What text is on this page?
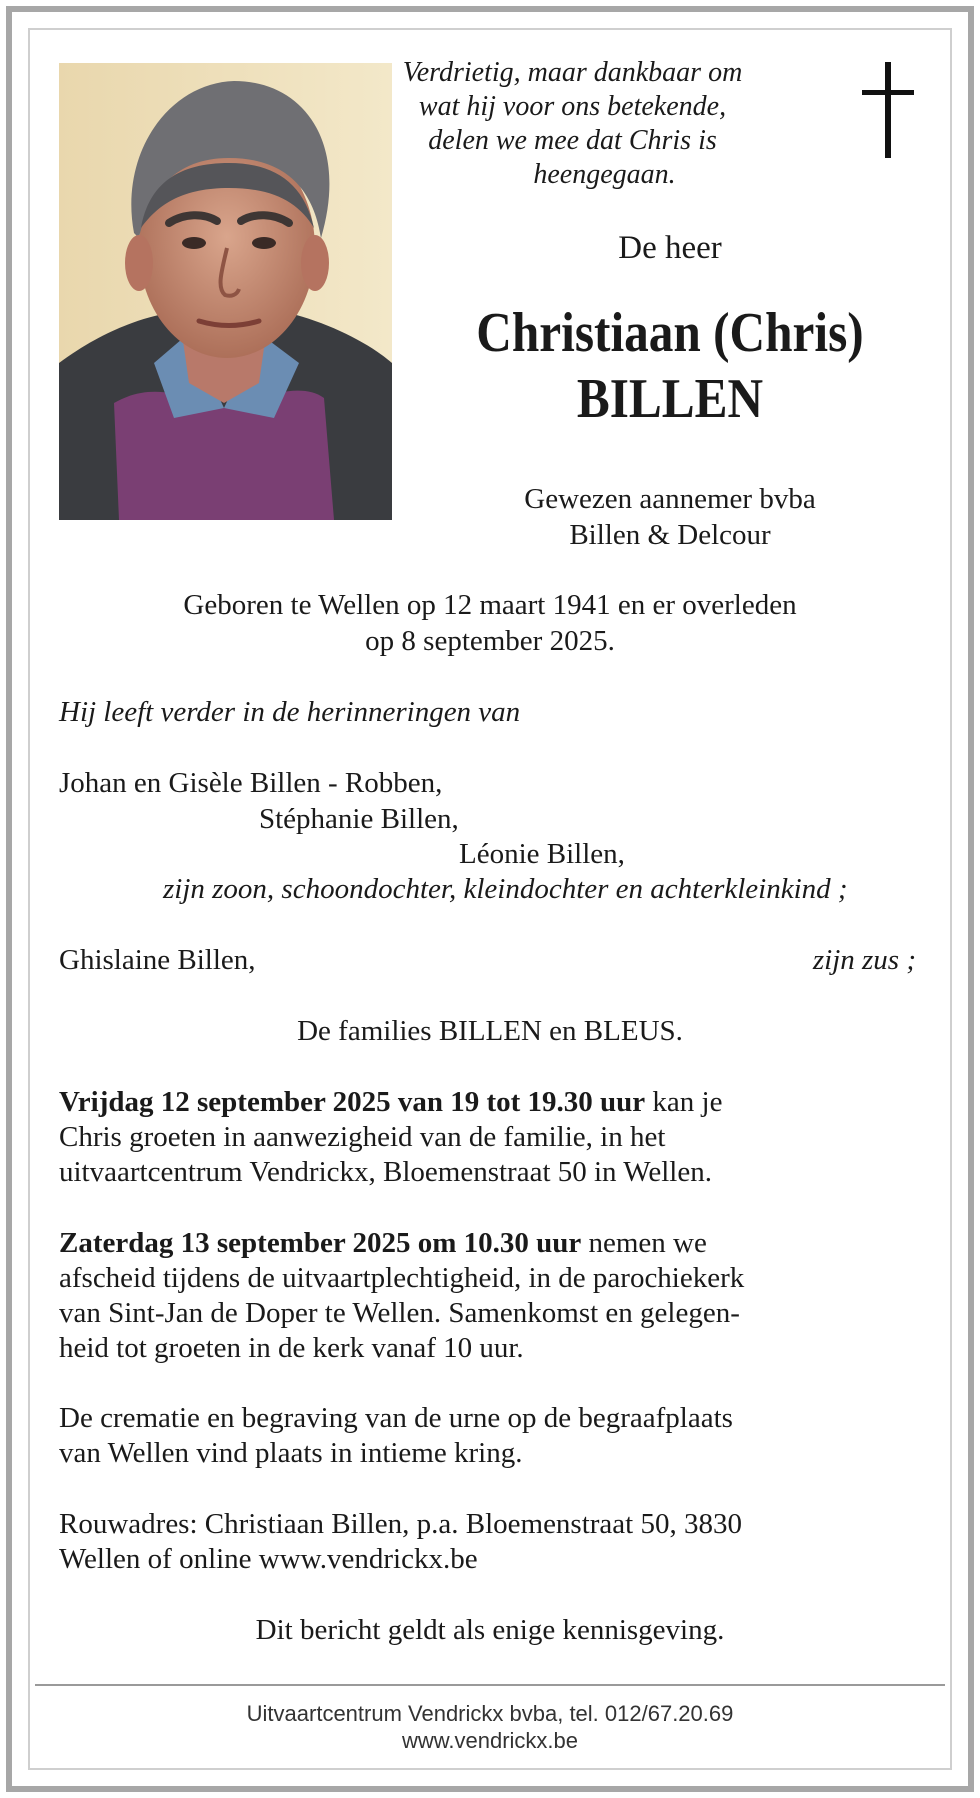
Verdrietig, maar dankbaar om
wat hij voor ons betekende,
delen we mee dat Chris is
heengegaan.
De heer
Christiaan (Chris)
BILLEN
Gewezen aannemer bvba
Billen & Delcour
Geboren te Wellen op 12 maart 1941 en er overleden
op 8 september 2025.
Hij leeft verder in de herinneringen van
Johan en Gisèle Billen - Robben,
Stéphanie Billen,
Léonie Billen,
zijn zoon, schoondochter, kleindochter en achterkleinkind ;
Ghislaine Billen,	zijn zus ;
De families BILLEN en BLEUS.
Vrijdag 12 september 2025 van 19 tot 19.30 uur kan je
Chris groeten in aanwezigheid van de familie, in het
uitvaartcentrum Vendrickx, Bloemenstraat 50 in Wellen.
Zaterdag 13 september 2025 om 10.30 uur nemen we
afscheid tijdens de uitvaartplechtigheid, in de parochiekerk
van Sint-Jan de Doper te Wellen. Samenkomst en gelegen-
heid tot groeten in de kerk vanaf 10 uur.
De crematie en begraving van de urne op de begraafplaats
van Wellen vind plaats in intieme kring.
Rouwadres: Christiaan Billen, p.a. Bloemenstraat 50, 3830
Wellen of online www.vendrickx.be
Dit bericht geldt als enige kennisgeving.
Uitvaartcentrum Vendrickx bvba, tel. 012/67.20.69
www.vendrickx.be
